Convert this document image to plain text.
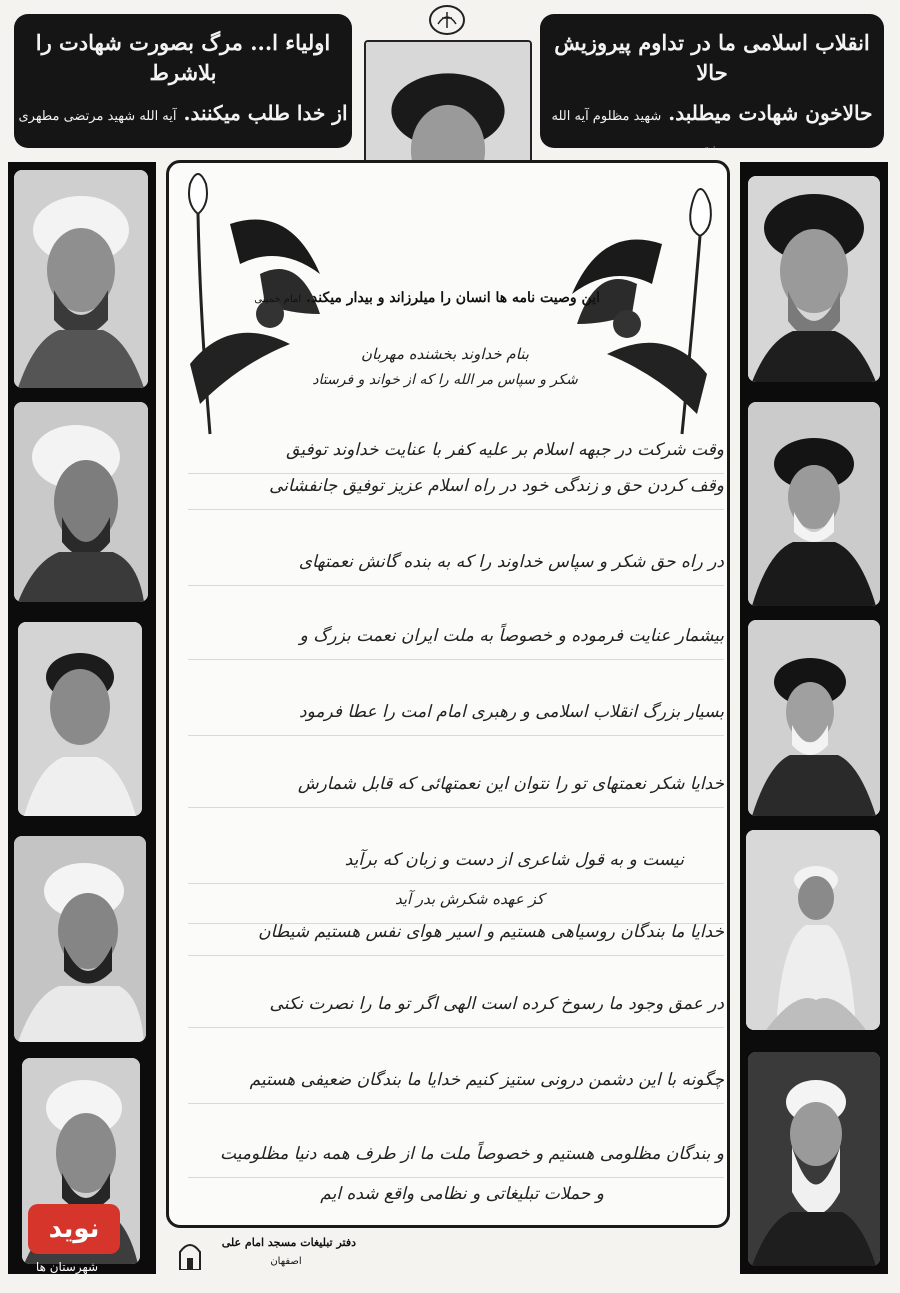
انقلاب اسلامی ما در تداوم پیروزیش حالا
حالاخون شهادت میطلبد. شهید مظلوم آیه الله بهشتی
اولیاء ا... مرگ بصورت شهادت را بلاشرط
از خدا طلب میکنند. آیه الله شهید مرتضی مطهری
این وصیت نامه ها انسان را میلرزاند و بیدار میکند. امام خمینی
بنام خداوند بخشنده مهربان
شکر و سپاس مر الله را که از خواند و فرستاد
وقت شرکت در جبهه اسلام بر علیه کفر با عنایت خداوند توفیق
وقف کردن حق و زندگی خود در راه اسلام عزیز توفیق جانفشانی
در راه حق شکر و سپاس خداوند را که به بنده گانش نعمتهای
بیشمار عنایت فرموده و خصوصاً به ملت ایران نعمت بزرگ و
بسیار بزرگ انقلاب اسلامی و رهبری امام امت را عطا فرمود
خدایا شکر نعمتهای تو را نتوان این نعمتهائی که قابل شمارش
نیست و به قول شاعری از دست و زبان که برآید
کز عهده شکرش بدر آید
خدایا ما بندگان روسیاهی هستیم و اسیر هوای نفس هستیم شیطان
در عمق وجود ما رسوخ کرده است الهی اگر تو ما را نصرت نکنی
چگونه با این دشمن درونی ستیز کنیم خدایا ما بندگان ضعیفی هستیم
و بندگان مظلومی هستیم و خصوصاً ملت ما از طرف همه دنیا مظلومیت
و حملات تبلیغاتی و نظامی واقع شده ایم
دفتر تبلیغات مسجد امام علی
اصفهان
نوید
شهرستان ها
